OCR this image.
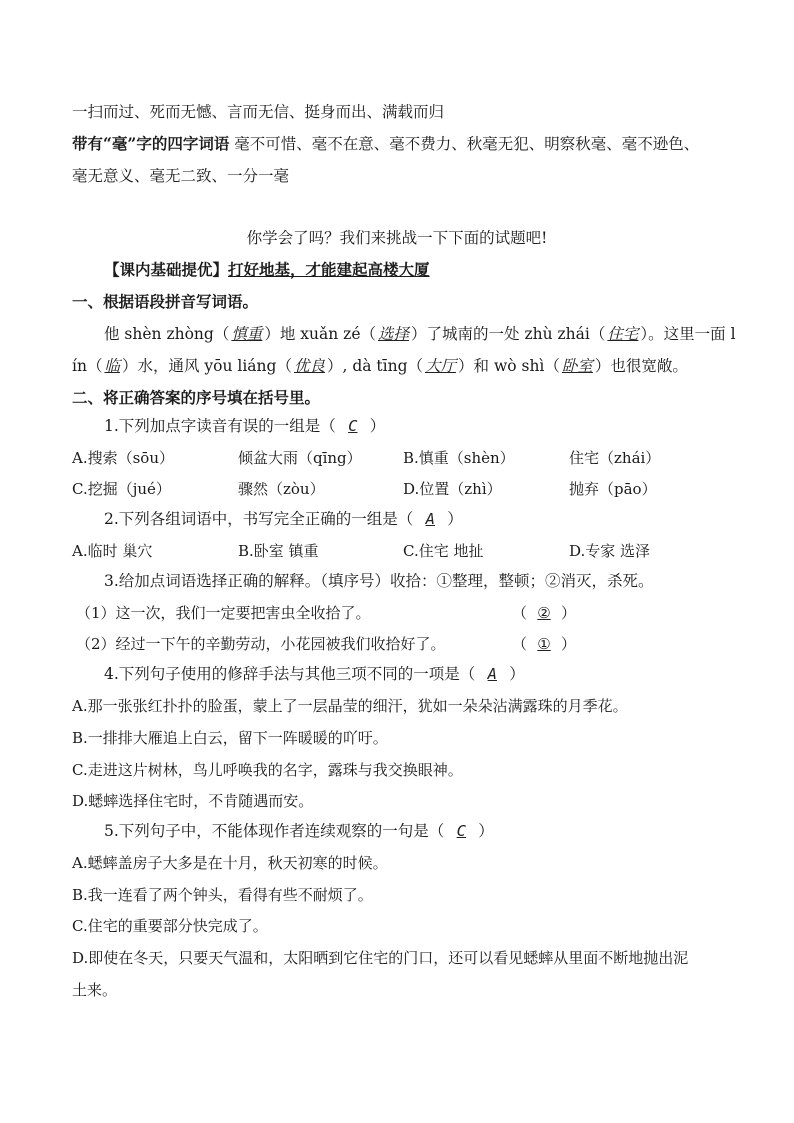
一扫而过、死而无憾、言而无信、挺身而出、满载而归
带有“毫”字的四字词语 毫不可惜、毫不在意、毫不费力、秋毫无犯、明察秋毫、毫不逊色、
毫无意义、毫无二致、一分一毫
你学会了吗？我们来挑战一下下面的试题吧!
【课内基础提优】打好地基，才能建起高楼大厦
一、根据语段拼音写词语。
他 shèn zhòng（ 慎重 ）地 xuǎn zé（ 选择 ）了城南的一处 zhù zhái（ 住宅 ）。这里一面 l
ín（ 临 ）水，通风 yōu liáng（ 优良 ）, dà tīng（ 大厅 ）和 wò shì（ 卧室 ）也很宽敞。
二、将正确答案的序号填在括号里。
1.下列加点字读音有误的一组是（ C ）
A.搜索（sōu）	倾盆大雨（qīng）	B.慎重（shèn）	住宅（zhái）
C.挖掘（jué）	骤然（zòu）	D.位置（zhì）	抛弃（pāo）
2.下列各组词语中，书写完全正确的一组是（ A ）
A.临时 巢穴	B.卧室 镇重	C.住宅 地扯	D.专家 选泽
3.给加点词语选择正确的解释。（填序号）收拾：①整理，整顿；②消灭，杀死。
（1）这一次，我们一定要把害虫全收拾了。	（ ② ）
（2）经过一下午的辛勤劳动，小花园被我们收拾好了。	（ ① ）
4.下列句子使用的修辞手法与其他三项不同的一项是（ A ）
A.那一张张红扑扑的脸蛋，蒙上了一层晶莹的细汗，犹如一朵朵沾满露珠的月季花。
B.一排排大雁追上白云，留下一阵暖暖的吖吁。
C.走进这片树林，鸟儿呼唤我的名字，露珠与我交换眼神。
D.蟋蟀选择住宅时，不肯随遇而安。
5.下列句子中，不能体现作者连续观察的一句是（ C ）
A.蟋蟀盖房子大多是在十月，秋天初寒的时候。
B.我一连看了两个钟头，看得有些不耐烦了。
C.住宅的重要部分快完成了。
D.即使在冬天，只要天气温和，太阳晒到它住宅的门口，还可以看见蟋蟀从里面不断地抛出泥
土来。
